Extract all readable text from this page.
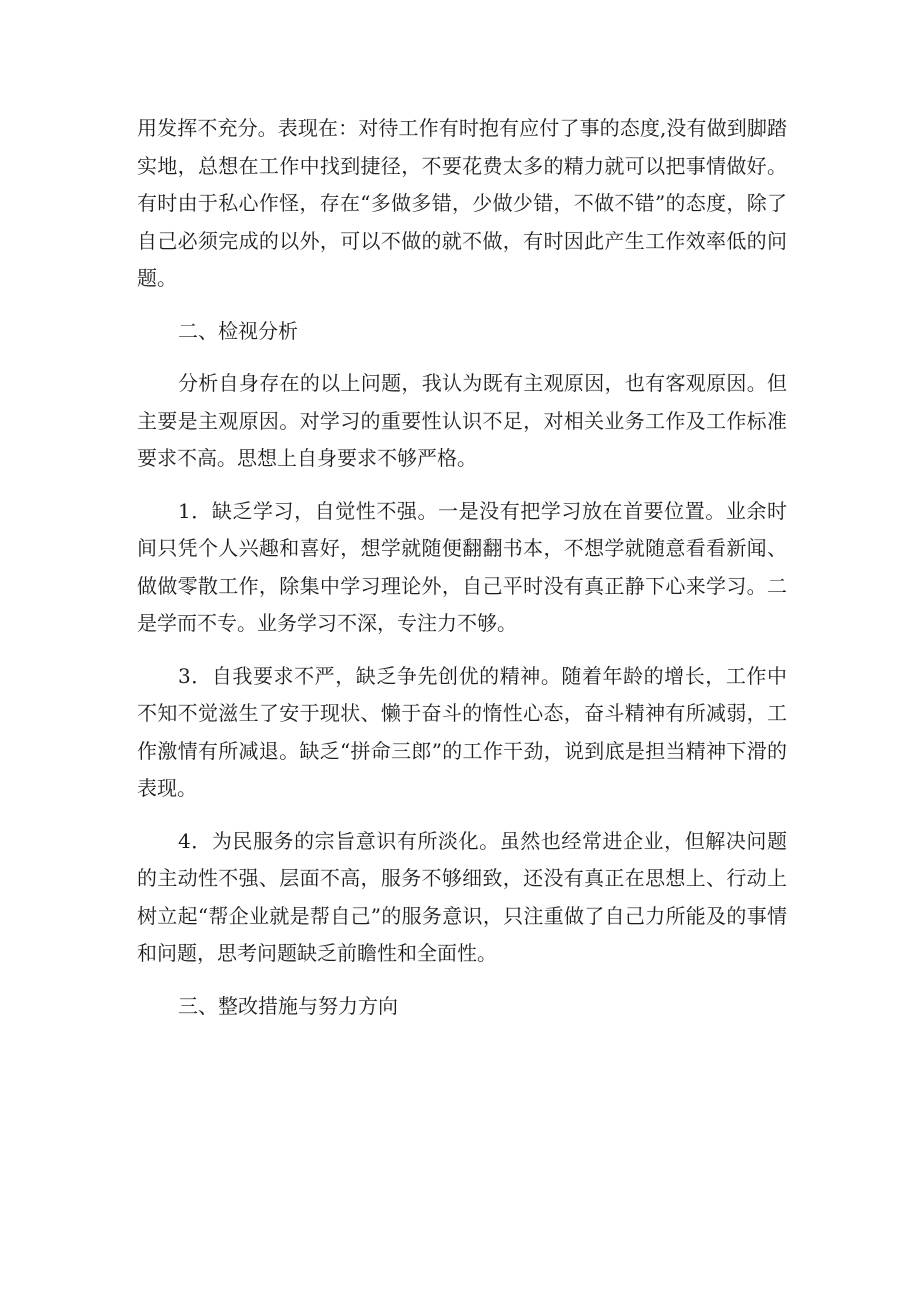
用发挥不充分。表现在：对待工作有时抱有应付了事的态度,没有做到脚踏实地，总想在工作中找到捷径，不要花费太多的精力就可以把事情做好。有时由于私心作怪，存在“多做多错，少做少错，不做不错”的态度，除了自己必须完成的以外，可以不做的就不做，有时因此产生工作效率低的问题。

二、检视分析

分析自身存在的以上问题，我认为既有主观原因，也有客观原因。但主要是主观原因。对学习的重要性认识不足，对相关业务工作及工作标准要求不高。思想上自身要求不够严格。

1．缺乏学习，自觉性不强。一是没有把学习放在首要位置。业余时间只凭个人兴趣和喜好，想学就随便翻翻书本，不想学就随意看看新闻、做做零散工作，除集中学习理论外，自己平时没有真正静下心来学习。二是学而不专。业务学习不深，专注力不够。

3．自我要求不严，缺乏争先创优的精神。随着年龄的增长，工作中不知不觉滋生了安于现状、懒于奋斗的惰性心态，奋斗精神有所减弱，工作激情有所减退。缺乏“拼命三郎”的工作干劲，说到底是担当精神下滑的表现。

4．为民服务的宗旨意识有所淡化。虽然也经常进企业，但解决问题的主动性不强、层面不高，服务不够细致，还没有真正在思想上、行动上树立起“帮企业就是帮自己”的服务意识，只注重做了自己力所能及的事情和问题，思考问题缺乏前瞻性和全面性。

三、整改措施与努力方向
